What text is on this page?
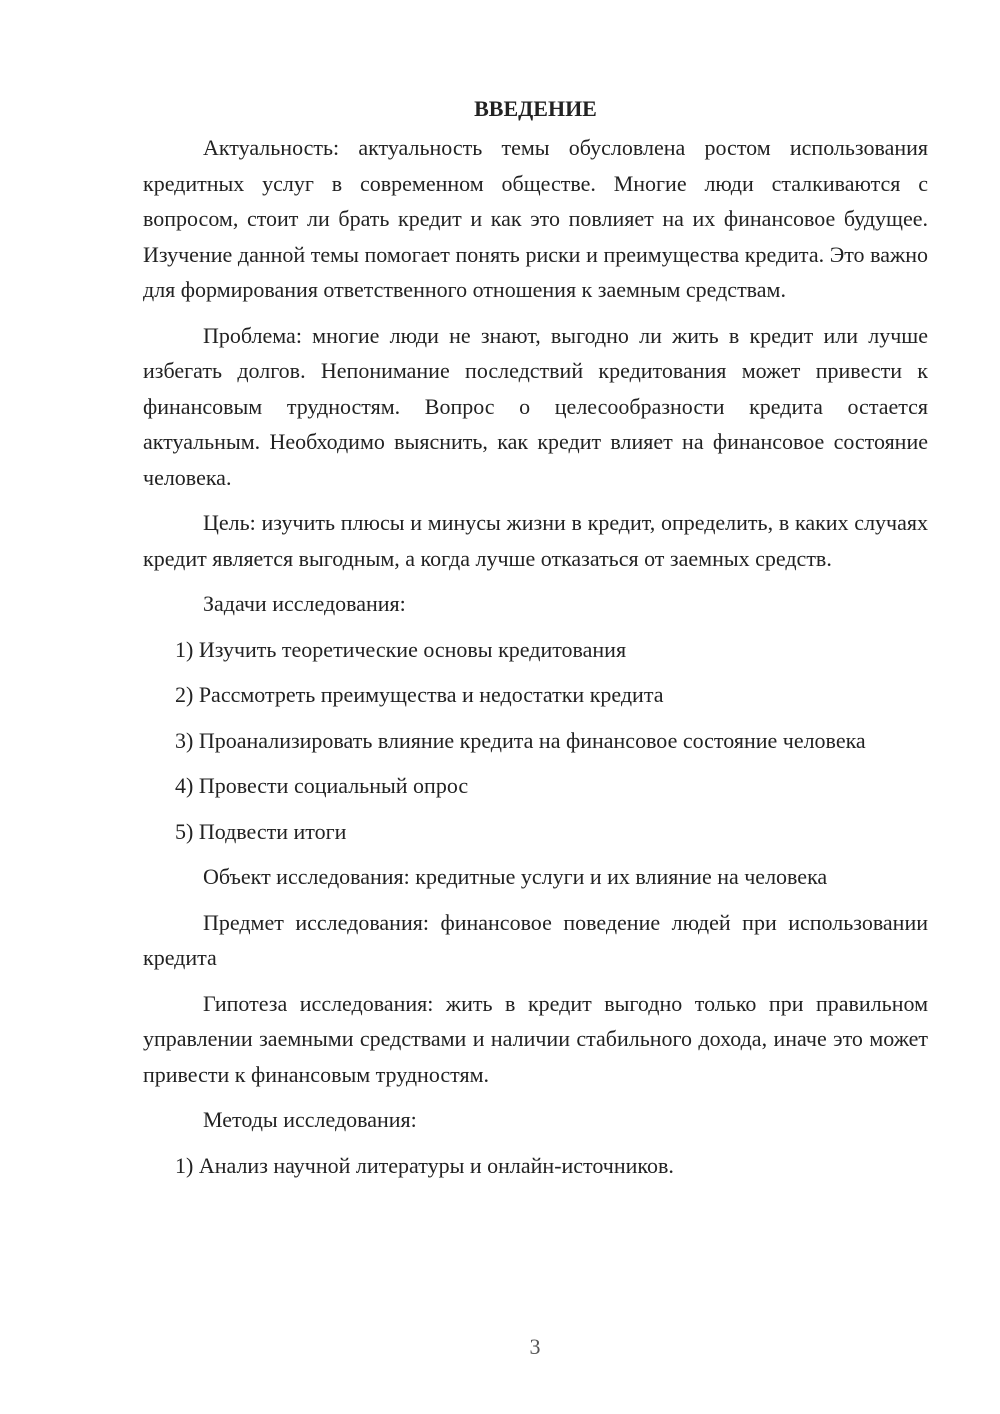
ВВЕДЕНИЕ

Актуальность: актуальность темы обусловлена ростом использования кредитных услуг в современном обществе. Многие люди сталкиваются с вопросом, стоит ли брать кредит и как это повлияет на их финансовое будущее. Изучение данной темы помогает понять риски и преимущества кредита. Это важно для формирования ответственного отношения к заемным средствам.

Проблема: многие люди не знают, выгодно ли жить в кредит или лучше избегать долгов. Непонимание последствий кредитования может привести к финансовым трудностям. Вопрос о целесообразности кредита остается актуальным. Необходимо выяснить, как кредит влияет на финансовое состояние человека.

Цель: изучить плюсы и минусы жизни в кредит, определить, в каких случаях кредит является выгодным, а когда лучше отказаться от заемных средств.

Задачи исследования:

1) Изучить теоретические основы кредитования

2) Рассмотреть преимущества и недостатки кредита

3) Проанализировать влияние кредита на финансовое состояние человека

4) Провести социальный опрос

5) Подвести итоги

Объект исследования: кредитные услуги и их влияние на человека

Предмет исследования: финансовое поведение людей при использовании кредита

Гипотеза исследования: жить в кредит выгодно только при правильном управлении заемными средствами и наличии стабильного дохода, иначе это может привести к финансовым трудностям.

Методы исследования:

1) Анализ научной литературы и онлайн-источников.

3
